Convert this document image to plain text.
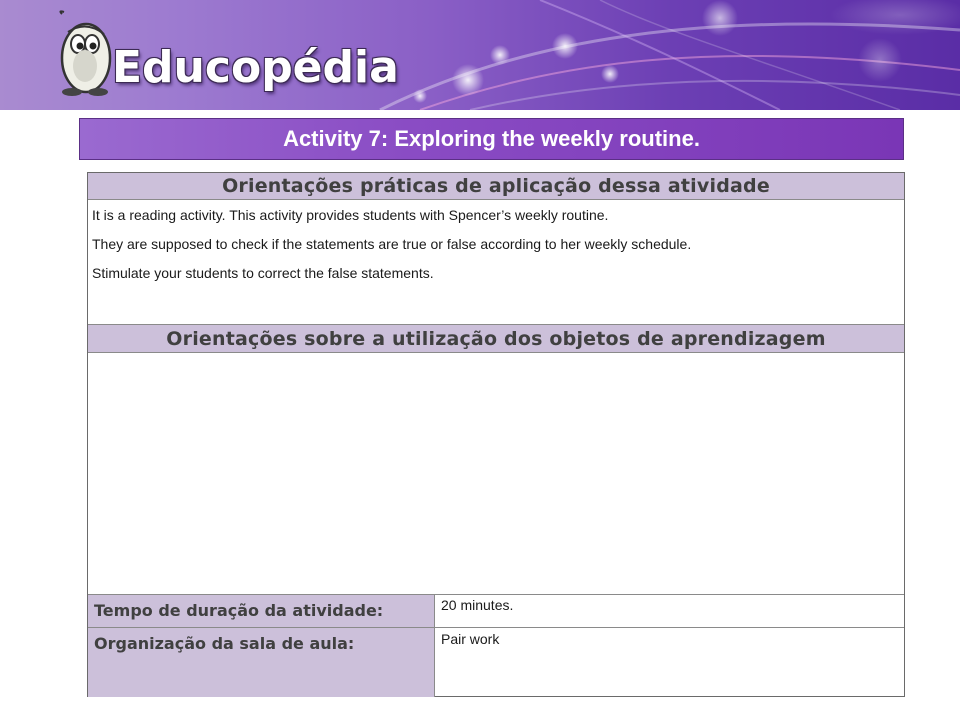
Educopédia
Activity 7: Exploring the weekly routine.
Orientações práticas de aplicação dessa atividade
It is a reading activity. This activity provides students with Spencer’s weekly routine.
They are supposed to check if the statements are true or false according to her weekly schedule.
Stimulate your students to correct the false statements.
Orientações sobre a utilização dos objetos de aprendizagem
Tempo de duração da atividade:	20 minutes.
Organização da sala de aula:	Pair work
